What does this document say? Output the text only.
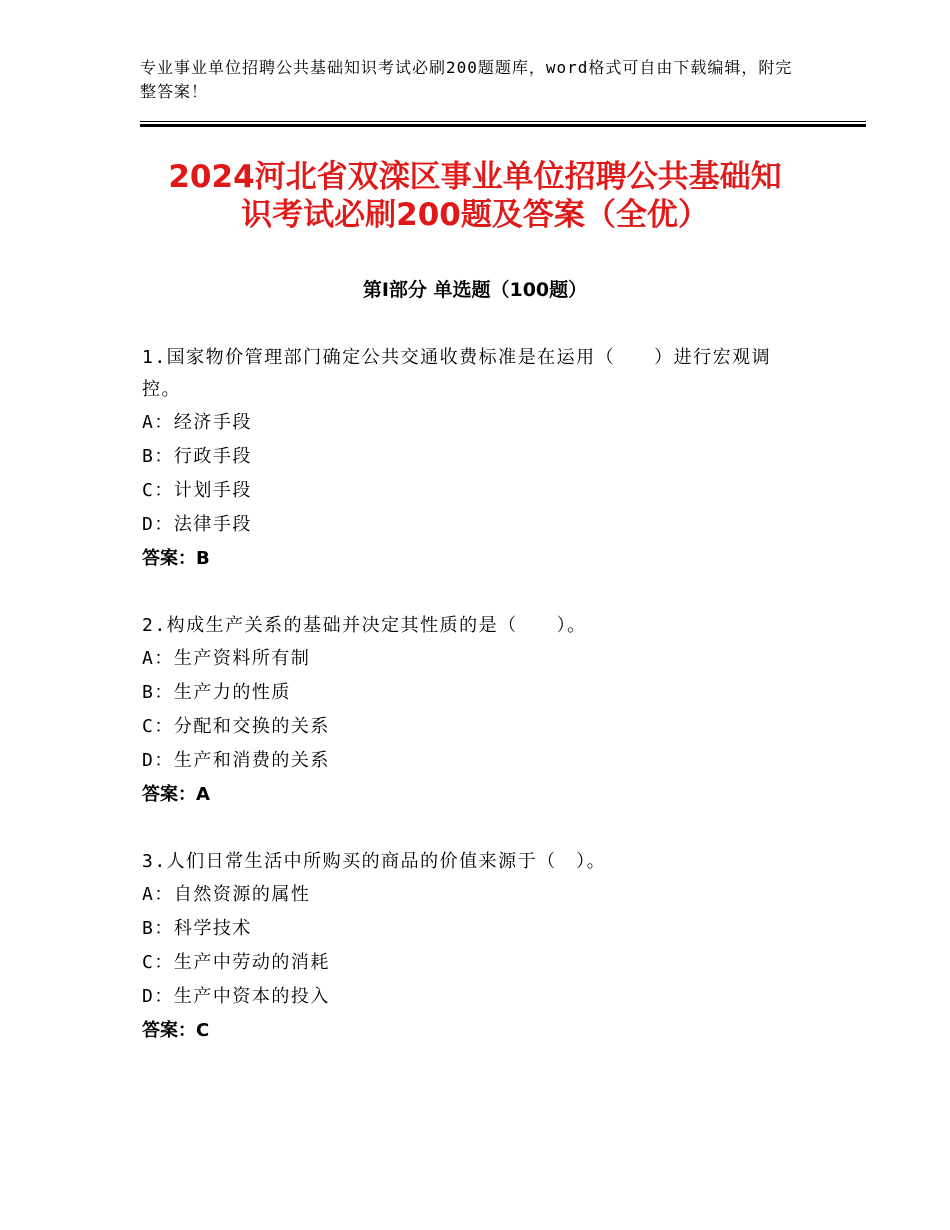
专业事业单位招聘公共基础知识考试必刷200题题库，word格式可自由下载编辑，附完整答案！
2024河北省双滦区事业单位招聘公共基础知
识考试必刷200题及答案（全优）
第Ⅰ部分 单选题（100题）
1.国家物价管理部门确定公共交通收费标准是在运用（　　）进行宏观调控。
A：经济手段
B：行政手段
C：计划手段
D：法律手段
答案：B
2.构成生产关系的基础并决定其性质的是（　　）。
A：生产资料所有制
B：生产力的性质
C：分配和交换的关系
D：生产和消费的关系
答案：A
3.人们日常生活中所购买的商品的价值来源于（　）。
A：自然资源的属性
B：科学技术
C：生产中劳动的消耗
D：生产中资本的投入
答案：C
